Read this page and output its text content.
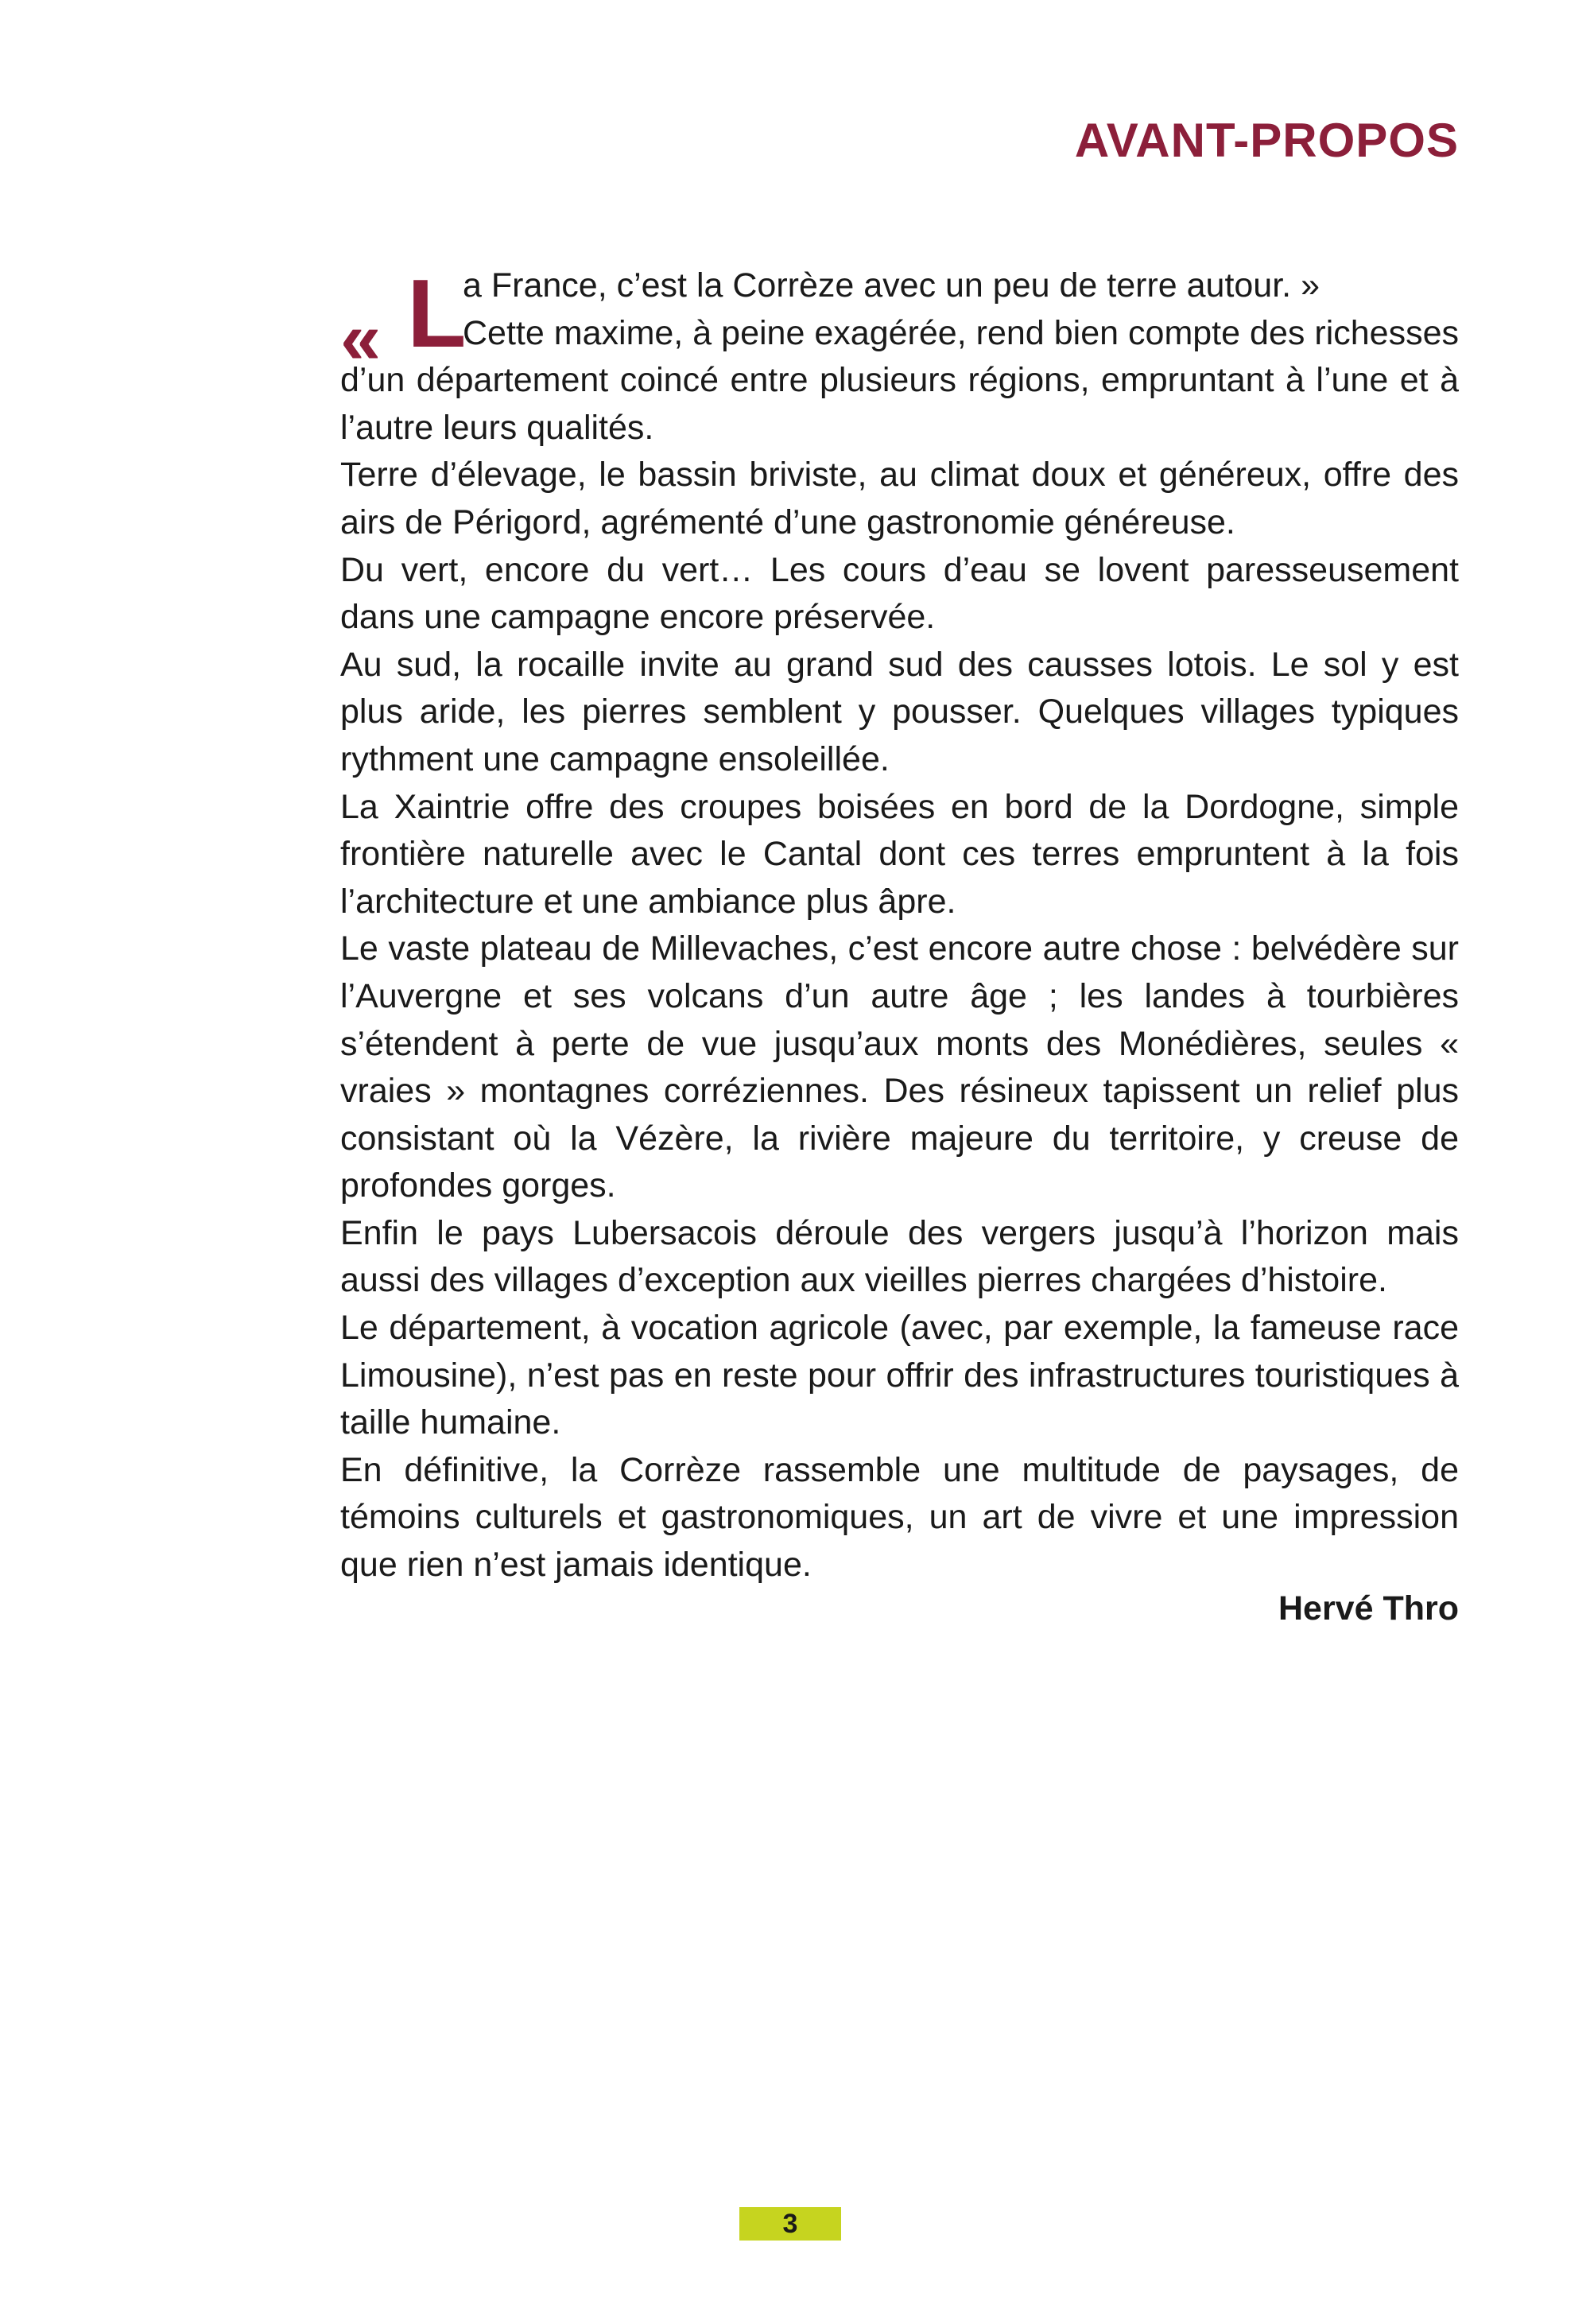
AVANT-PROPOS
« L
a France, c’est la Corrèze avec un peu de terre autour. »
Cette maxime, à peine exagérée, rend bien compte des richesses

d’un département coincé entre plusieurs régions, empruntant à l’une et à l’autre leurs qualités.

Terre d’élevage, le bassin briviste, au climat doux et généreux, offre des airs de Périgord, agrémenté d’une gastronomie généreuse.

Du vert, encore du vert… Les cours d’eau se lovent paresseusement dans une campagne encore préservée.

Au sud, la rocaille invite au grand sud des causses lotois. Le sol y est plus aride, les pierres semblent y pousser. Quelques villages typiques rythment une campagne ensoleillée.

La Xaintrie offre des croupes boisées en bord de la Dordogne, simple frontière naturelle avec le Cantal dont ces terres empruntent à la fois l’architecture et une ambiance plus âpre.

Le vaste plateau de Millevaches, c’est encore autre chose : belvédère sur l’Auvergne et ses volcans d’un autre âge ; les landes à tourbières s’étendent à perte de vue jusqu’aux monts des Monédières, seules « vraies » montagnes corréziennes. Des résineux tapissent un relief plus consistant où la Vézère, la rivière majeure du territoire, y creuse de profondes gorges.

Enfin le pays Lubersacois déroule des vergers jusqu’à l’horizon mais aussi des villages d’exception aux vieilles pierres chargées d’histoire.

Le département, à vocation agricole (avec, par exemple, la fameuse race Limousine), n’est pas en reste pour offrir des infrastructures touristiques à taille humaine.

En définitive, la Corrèze rassemble une multitude de paysages, de témoins culturels et gastronomiques, un art de vivre et une impression que rien n’est jamais identique.

Hervé Thro

3
